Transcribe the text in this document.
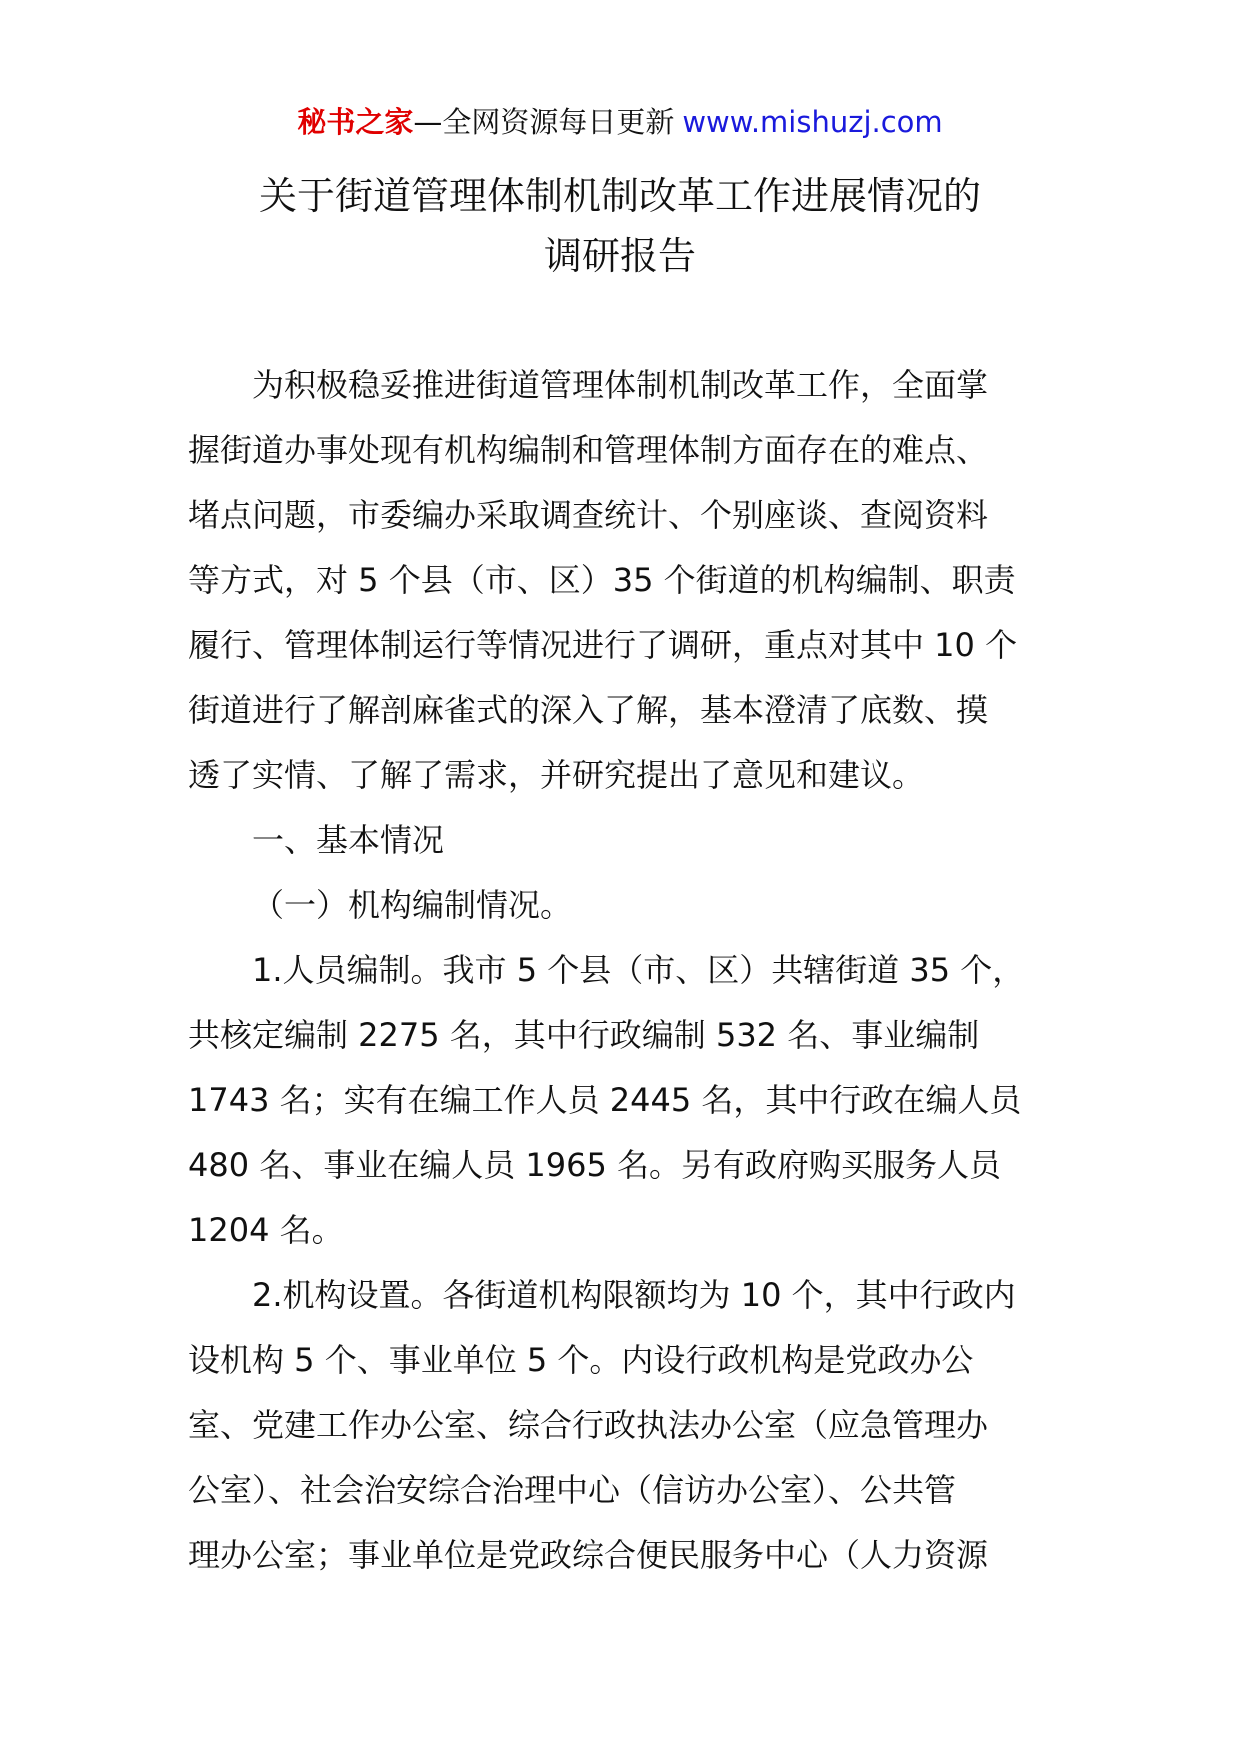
秘书之家—全网资源每日更新 www.mishuzj.com
关于街道管理体制机制改革工作进展情况的
调研报告
为积极稳妥推进街道管理体制机制改革工作，全面掌
握街道办事处现有机构编制和管理体制方面存在的难点、
堵点问题，市委编办采取调查统计、个别座谈、查阅资料
等方式，对 5 个县（市、区）35 个街道的机构编制、职责
履行、管理体制运行等情况进行了调研，重点对其中 10 个
街道进行了解剖麻雀式的深入了解，基本澄清了底数、摸
透了实情、了解了需求，并研究提出了意见和建议。
一、基本情况
（一）机构编制情况。
1.人员编制。我市 5 个县（市、区）共辖街道 35 个，
共核定编制 2275 名，其中行政编制 532 名、事业编制
1743 名；实有在编工作人员 2445 名，其中行政在编人员
480 名、事业在编人员 1965 名。另有政府购买服务人员
1204 名。
2.机构设置。各街道机构限额均为 10 个，其中行政内
设机构 5 个、事业单位 5 个。内设行政机构是党政办公
室、党建工作办公室、综合行政执法办公室（应急管理办
公室）、社会治安综合治理中心（信访办公室）、公共管
理办公室；事业单位是党政综合便民服务中心（人力资源
